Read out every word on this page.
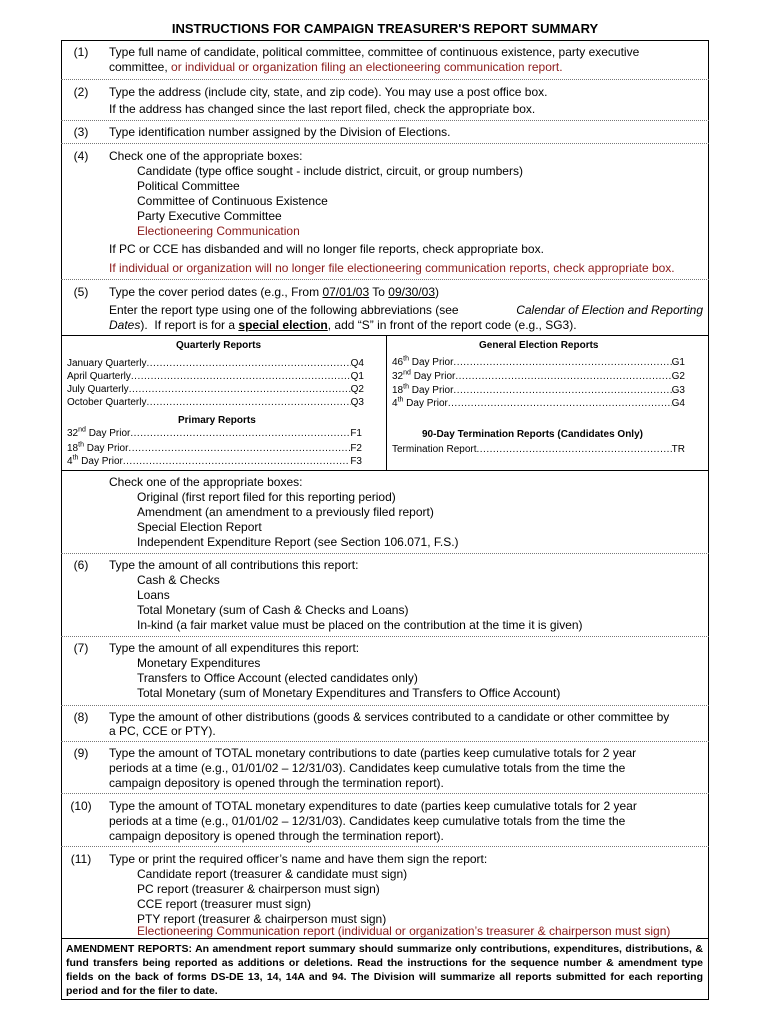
INSTRUCTIONS FOR CAMPAIGN TREASURER'S REPORT SUMMARY
(1)	Type full name of candidate, political committee, committee of continuous existence, party executive
committee, or individual or organization filing an electioneering communication report.
(2)	Type the address (include city, state, and zip code). You may use a post office box.
If the address has changed since the last report filed, check the appropriate box.
(3)	Type identification number assigned by the Division of Elections.
(4)	Check one of the appropriate boxes:
Candidate (type office sought - include district, circuit, or group numbers)
Political Committee
Committee of Continuous Existence
Party Executive Committee
Electioneering Communication
If PC or CCE has disbanded and will no longer file reports, check appropriate box.
If individual or organization will no longer file electioneering communication reports, check appropriate box.
(5)	Type the cover period dates (e.g., From 07/01/03 To 09/30/03)
Enter the report type using one of the following abbreviations (see	Calendar of Election and Reporting
Dates).  If report is for a special election, add “S” in front of the report code (e.g., SG3).
Quarterly Reports
January Quarterly .....	Q4
April Quarterly .....	Q1
July Quarterly .....	Q2
October Quarterly .....	Q3
Primary Reports
32nd Day Prior .....	F1
18th Day Prior .....	F2
4th Day Prior .....	F3
General Election Reports
46th Day Prior .....	G1
32nd Day Prior .....	G2
18th Day Prior .....	G3
4th Day Prior .....	G4
90-Day Termination Reports (Candidates Only)
Termination Report .....	TR
Check one of the appropriate boxes:
Original (first report filed for this reporting period)
Amendment (an amendment to a previously filed report)
Special Election Report
Independent Expenditure Report (see Section 106.071, F.S.)
(6)	Type the amount of all contributions this report:
Cash & Checks
Loans
Total Monetary (sum of Cash & Checks and Loans)
In-kind (a fair market value must be placed on the contribution at the time it is given)
(7)	Type the amount of all expenditures this report:
Monetary Expenditures
Transfers to Office Account (elected candidates only)
Total Monetary (sum of Monetary Expenditures and Transfers to Office Account)
(8)	Type the amount of other distributions (goods & services contributed to a candidate or other committee by
a PC, CCE or PTY).
(9)	Type the amount of TOTAL monetary contributions to date (parties keep cumulative totals for 2 year
periods at a time (e.g., 01/01/02 – 12/31/03). Candidates keep cumulative totals from the time the
campaign depository is opened through the termination report).
(10)	Type the amount of TOTAL monetary expenditures to date (parties keep cumulative totals for 2 year
periods at a time (e.g., 01/01/02 – 12/31/03). Candidates keep cumulative totals from the time the
campaign depository is opened through the termination report).
(11)	Type or print the required officer’s name and have them sign the report:
Candidate report (treasurer & candidate must sign)
PC report (treasurer & chairperson must sign)
CCE report (treasurer must sign)
PTY report (treasurer & chairperson must sign)
Electioneering Communication report (individual or organization’s treasurer & chairperson must sign)
AMENDMENT REPORTS: An amendment report summary should summarize only contributions, expenditures, distributions, & fund transfers being reported as additions or deletions. Read the instructions for the sequence number & amendment type fields on the back of forms DS-DE 13, 14, 14A and 94. The Division will summarize all reports submitted for each reporting period and for the filer to date.
